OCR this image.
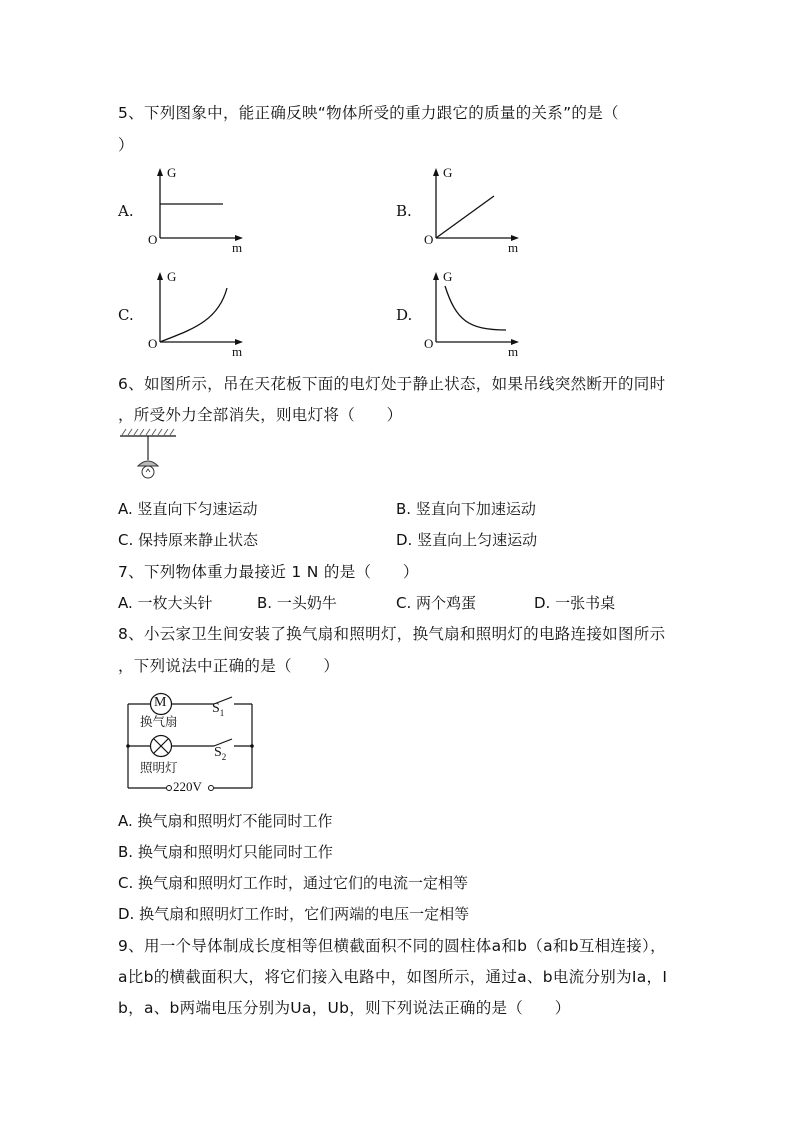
5、下列图象中，能正确反映“物体所受的重力跟它的质量的关系”的是（
）
A.
G
O
m
B.
G
O
m
C.
G
O
m
D.
G
O
m
6、如图所示，吊在天花板下面的电灯处于静止状态，如果吊线突然断开的同时
，所受外力全部消失，则电灯将（　　）
A. 竖直向下匀速运动	B. 竖直向下加速运动
C. 保持原来静止状态	D. 竖直向上匀速运动
7、下列物体重力最接近 1 N 的是（　　）
A. 一枚大头针	B. 一头奶牛	C. 两个鸡蛋	D. 一张书桌
8、小云家卫生间安装了换气扇和照明灯，换气扇和照明灯的电路连接如图所示
，下列说法中正确的是（　　）
M
换气扇
$S_1$
照明灯
$S_2$
220V
A. 换气扇和照明灯不能同时工作
B. 换气扇和照明灯只能同时工作
C. 换气扇和照明灯工作时，通过它们的电流一定相等
D. 换气扇和照明灯工作时，它们两端的电压一定相等
9、用一个导体制成长度相等但横截面积不同的圆柱体a和b（a和b互相连接），
a比b的横截面积大，将它们接入电路中，如图所示，通过a、b电流分别为Ia，I
b，a、b两端电压分别为Ua，Ub，则下列说法正确的是（　　）
